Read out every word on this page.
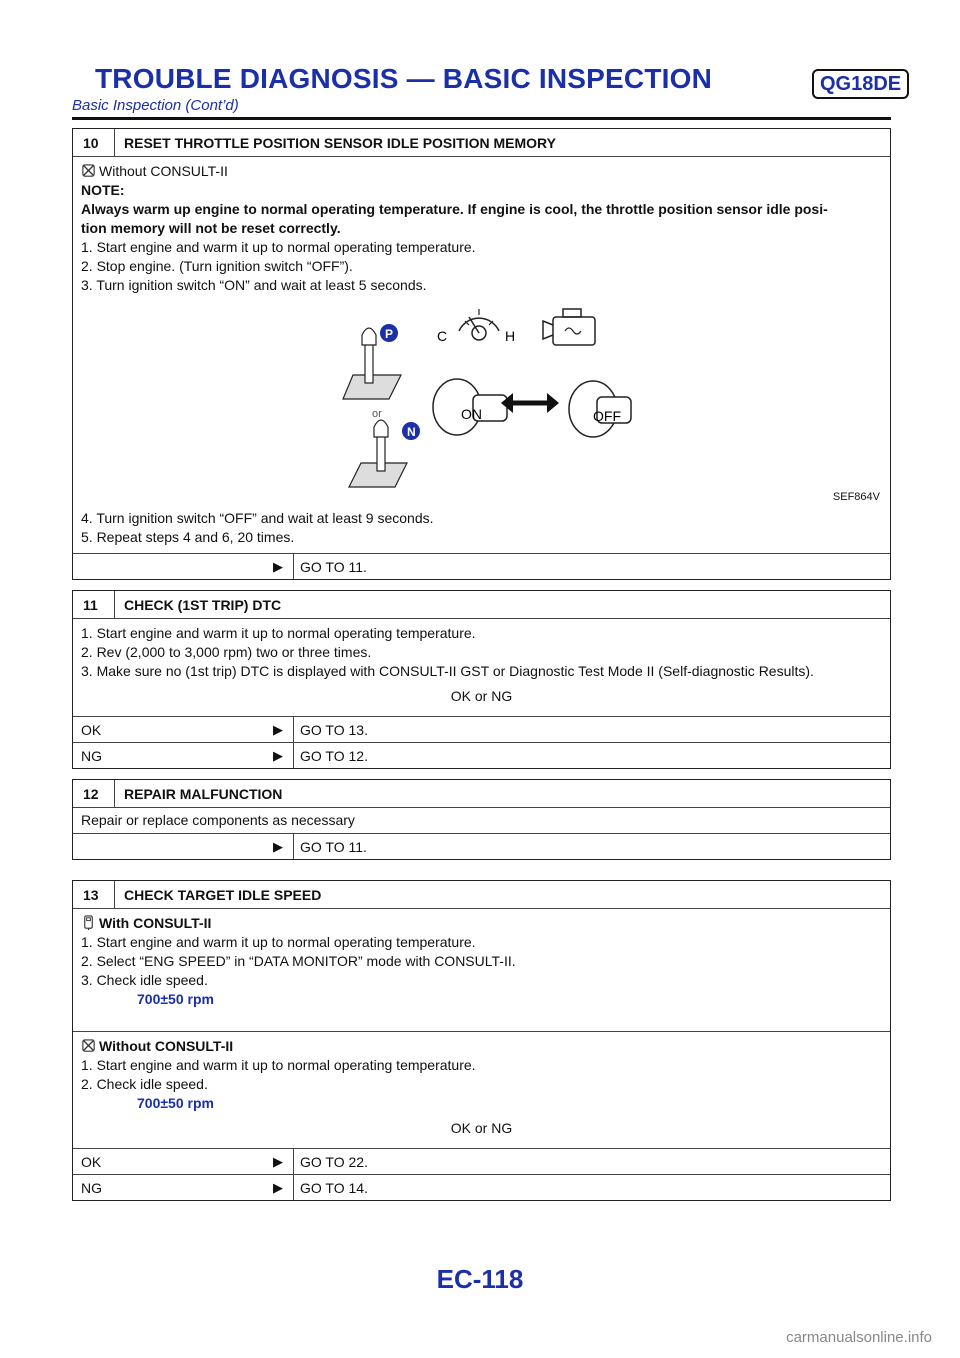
TROUBLE DIAGNOSIS — BASIC INSPECTION	QG18DE
Basic Inspection (Cont’d)
10	RESET THROTTLE POSITION SENSOR IDLE POSITION MEMORY
Without CONSULT-II
NOTE:
Always warm up engine to normal operating temperature. If engine is cool, the throttle position sensor idle posi-
tion memory will not be reset correctly.
1. Start engine and warm it up to normal operating temperature.
2. Stop engine. (Turn ignition switch “OFF”).
3. Turn ignition switch “ON” and wait at least 5 seconds.
C	H
P
or
N
ON	OFF
SEF864V
4. Turn ignition switch “OFF” and wait at least 9 seconds.
5. Repeat steps 4 and 6, 20 times.
▶	GO TO 11.
11	CHECK (1ST TRIP) DTC
1. Start engine and warm it up to normal operating temperature.
2. Rev (2,000 to 3,000 rpm) two or three times.
3. Make sure no (1st trip) DTC is displayed with CONSULT-II GST or Diagnostic Test Mode II (Self-diagnostic Results).
OK or NG
OK	▶	GO TO 13.
NG	▶	GO TO 12.
12	REPAIR MALFUNCTION
Repair or replace components as necessary
▶	GO TO 11.
13	CHECK TARGET IDLE SPEED
With CONSULT-II
1. Start engine and warm it up to normal operating temperature.
2. Select “ENG SPEED” in “DATA MONITOR” mode with CONSULT-II.
3. Check idle speed.
700±50 rpm
Without CONSULT-II
1. Start engine and warm it up to normal operating temperature.
2. Check idle speed.
700±50 rpm
OK or NG
OK	▶	GO TO 22.
NG	▶	GO TO 14.
EC-118
carmanualsonline.info
